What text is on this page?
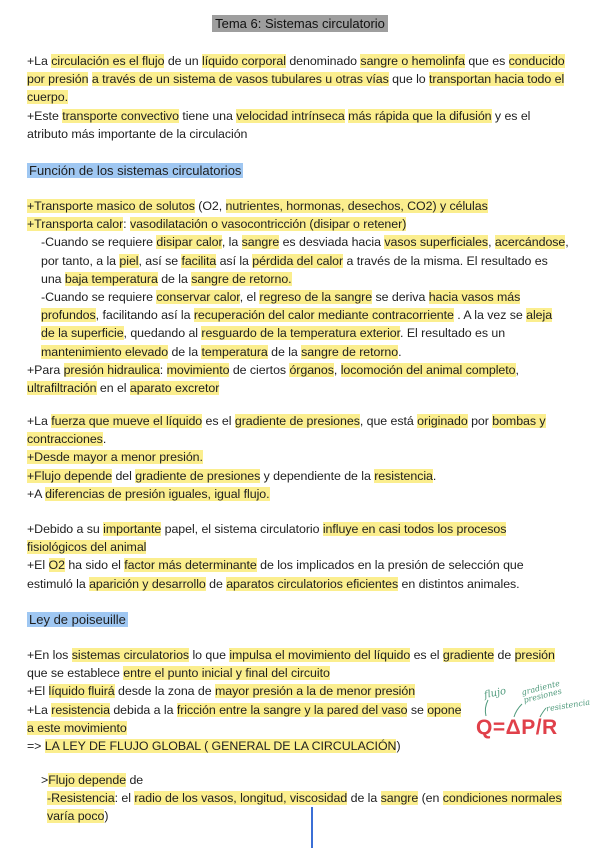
Tema 6: Sistemas circulatorio
+La circulación es el flujo de un líquido corporal denominado sangre o hemolinfa que es conducido por presión a través de un sistema de vasos tubulares u otras vías que lo transportan hacia todo el cuerpo.
+Este transporte convectivo tiene una velocidad intrínseca más rápida que la difusión y es el atributo más importante de la circulación
Función de los sistemas circulatorios
+Transporte masico de solutos (O2, nutrientes, hormonas, desechos, CO2) y células
+Transporta calor: vasodilatación o vasocontricción (disipar o retener)
-Cuando se requiere disipar calor, la sangre es desviada hacia vasos superficiales, acercándose, por tanto, a la piel, así se facilita así la pérdida del calor a través de la misma. El resultado es una baja temperatura de la sangre de retorno.
-Cuando se requiere conservar calor, el regreso de la sangre se deriva hacia vasos más profundos, facilitando así la recuperación del calor mediante contracorriente . A la vez se aleja de la superficie, quedando al resguardo de la temperatura exterior. El resultado es un mantenimiento elevado de la temperatura de la sangre de retorno.
+Para presión hidraulica: movimiento de ciertos órganos, locomoción del animal completo, ultrafiltración en el aparato excretor
+La fuerza que mueve el líquido es el gradiente de presiones, que está originado por bombas y contracciones.
+Desde mayor a menor presión.
+Flujo depende del gradiente de presiones y dependiente de la resistencia.
+A diferencias de presión iguales, igual flujo.
+Debido a su importante papel, el sistema circulatorio influye en casi todos los procesos fisiológicos del animal
+El O2 ha sido el factor más determinante de los implicados en la presión de selección que estimuló la aparición y desarrollo de aparatos circulatorios eficientes en distintos animales.
Ley de poiseuille
+En los sistemas circulatorios lo que impulsa el movimiento del líquido es el gradiente de presión que se establece entre el punto inicial y final del circuito
+El líquido fluirá desde la zona de mayor presión a la de menor presión
+La resistencia debida a la fricción entre la sangre y la pared del vaso se opone a este movimiento
=> LA LEY DE FLUJO GLOBAL ( GENERAL DE LA CIRCULACIÓN)
>Flujo depende de
-Resistencia: el radio de los vasos, longitud, viscosidad de la sangre (en condiciones normales varía poco)
flujo gradiente presiones
resistencia
Q=ΔP/R
